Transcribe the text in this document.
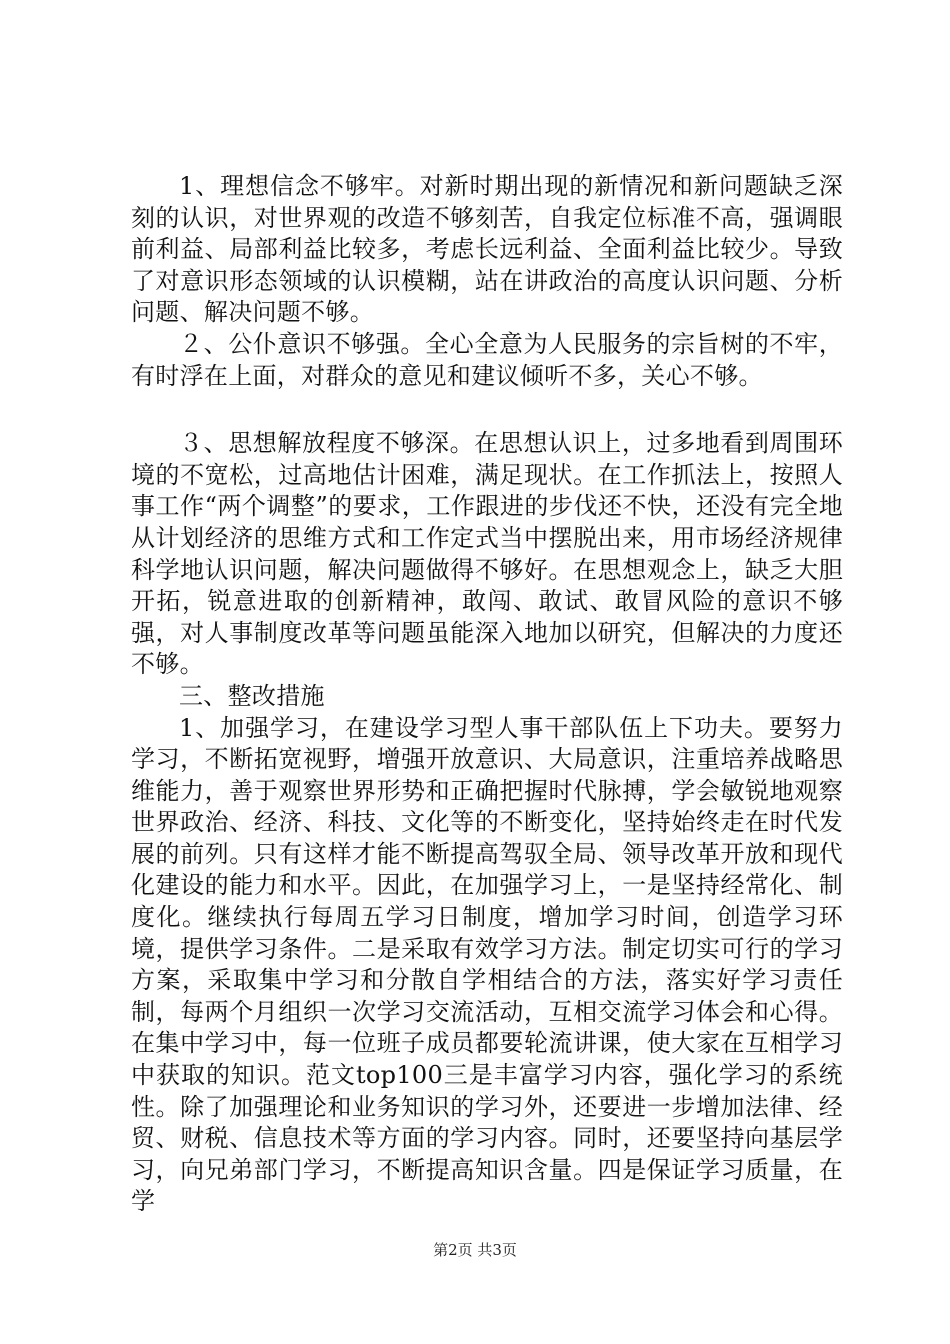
1、理想信念不够牢。对新时期出现的新情况和新问题缺乏深刻的认识，对世界观的改造不够刻苦，自我定位标准不高，强调眼前利益、局部利益比较多，考虑长远利益、全面利益比较少。导致了对意识形态领域的认识模糊，站在讲政治的高度认识问题、分析问题、解决问题不够。

２、公仆意识不够强。全心全意为人民服务的宗旨树的不牢，有时浮在上面，对群众的意见和建议倾听不多，关心不够。

３、思想解放程度不够深。在思想认识上，过多地看到周围环境的不宽松，过高地估计困难，满足现状。在工作抓法上，按照人事工作“两个调整”的要求，工作跟进的步伐还不快，还没有完全地从计划经济的思维方式和工作定式当中摆脱出来，用市场经济规律科学地认识问题，解决问题做得不够好。在思想观念上，缺乏大胆开拓，锐意进取的创新精神，敢闯、敢试、敢冒风险的意识不够强，对人事制度改革等问题虽能深入地加以研究，但解决的力度还不够。

三、整改措施

1、加强学习，在建设学习型人事干部队伍上下功夫。要努力学习，不断拓宽视野，增强开放意识、大局意识，注重培养战略思维能力，善于观察世界形势和正确把握时代脉搏，学会敏锐地观察世界政治、经济、科技、文化等的不断变化，坚持始终走在时代发展的前列。只有这样才能不断提高驾驭全局、领导改革开放和现代化建设的能力和水平。因此，在加强学习上，一是坚持经常化、制度化。继续执行每周五学习日制度，增加学习时间，创造学习环境，提供学习条件。二是采取有效学习方法。制定切实可行的学习方案，采取集中学习和分散自学相结合的方法，落实好学习责任制，每两个月组织一次学习交流活动，互相交流学习体会和心得。在集中学习中，每一位班子成员都要轮流讲课，使大家在互相学习中获取的知识。范文top100三是丰富学习内容，强化学习的系统性。除了加强理论和业务知识的学习外，还要进一步增加法律、经贸、财税、信息技术等方面的学习内容。同时，还要坚持向基层学习，向兄弟部门学习，不断提高知识含量。四是保证学习质量，在学

第2页 共3页
